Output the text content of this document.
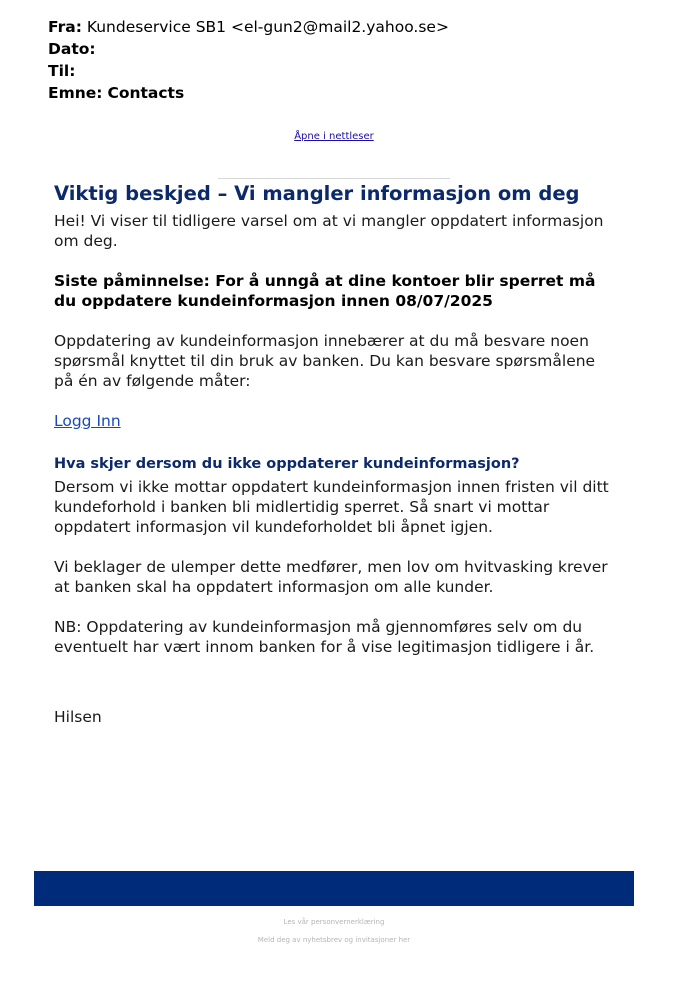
Fra: Kundeservice SB1 <el-gun2@mail2.yahoo.se>
Dato:
Til:
Emne: Contacts
Åpne i nettleser
Viktig beskjed – Vi mangler informasjon om deg

Hei! Vi viser til tidligere varsel om at vi mangler oppdatert informasjon om deg.

Siste påminnelse: For å unngå at dine kontoer blir sperret må du oppdatere kundeinformasjon innen 08/07/2025

Oppdatering av kundeinformasjon innebærer at du må besvare noen spørsmål knyttet til din bruk av banken. Du kan besvare spørsmålene på én av følgende måter:

Logg Inn
Hva skjer dersom du ikke oppdaterer kundeinformasjon?

Dersom vi ikke mottar oppdatert kundeinformasjon innen fristen vil ditt kundeforhold i banken bli midlertidig sperret. Så snart vi mottar oppdatert informasjon vil kundeforholdet bli åpnet igjen.

Vi beklager de ulemper dette medfører, men lov om hvitvasking krever at banken skal ha oppdatert informasjon om alle kunder.

NB: Oppdatering av kundeinformasjon må gjennomføres selv om du eventuelt har vært innom banken for å vise legitimasjon tidligere i år.

Hilsen

Les vår personvernerklæring
Meld deg av nyhetsbrev og invitasjoner her
